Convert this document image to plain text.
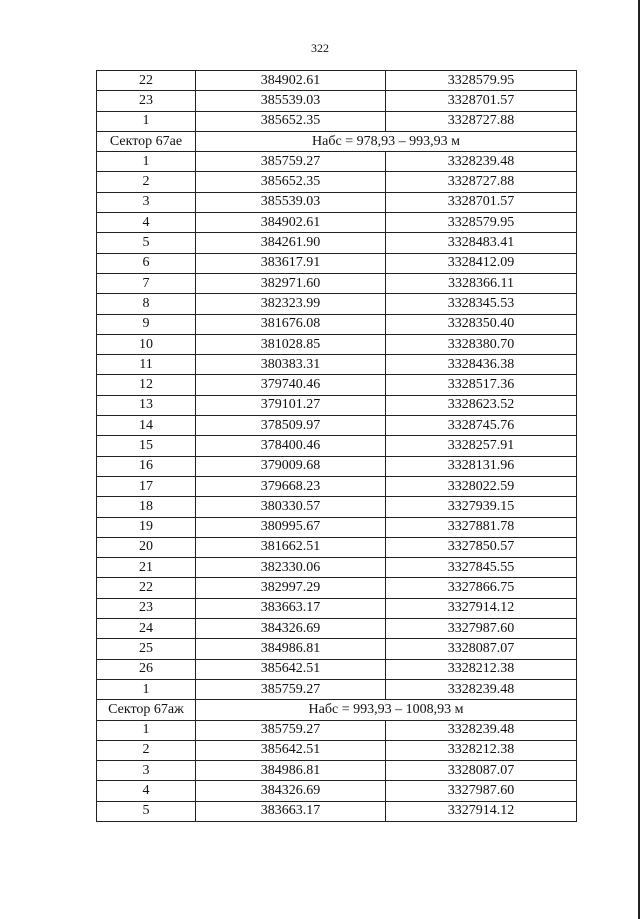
322
22	384902.61	3328579.95
23	385539.03	3328701.57
1	385652.35	3328727.88
Сектор 67ае	Набс = 978,93 – 993,93 м	
1	385759.27	3328239.48
2	385652.35	3328727.88
3	385539.03	3328701.57
4	384902.61	3328579.95
5	384261.90	3328483.41
6	383617.91	3328412.09
7	382971.60	3328366.11
8	382323.99	3328345.53
9	381676.08	3328350.40
10	381028.85	3328380.70
11	380383.31	3328436.38
12	379740.46	3328517.36
13	379101.27	3328623.52
14	378509.97	3328745.76
15	378400.46	3328257.91
16	379009.68	3328131.96
17	379668.23	3328022.59
18	380330.57	3327939.15
19	380995.67	3327881.78
20	381662.51	3327850.57
21	382330.06	3327845.55
22	382997.29	3327866.75
23	383663.17	3327914.12
24	384326.69	3327987.60
25	384986.81	3328087.07
26	385642.51	3328212.38
1	385759.27	3328239.48
Сектор 67аж	Набс = 993,93 – 1008,93 м	
1	385759.27	3328239.48
2	385642.51	3328212.38
3	384986.81	3328087.07
4	384326.69	3327987.60
5	383663.17	3327914.12
